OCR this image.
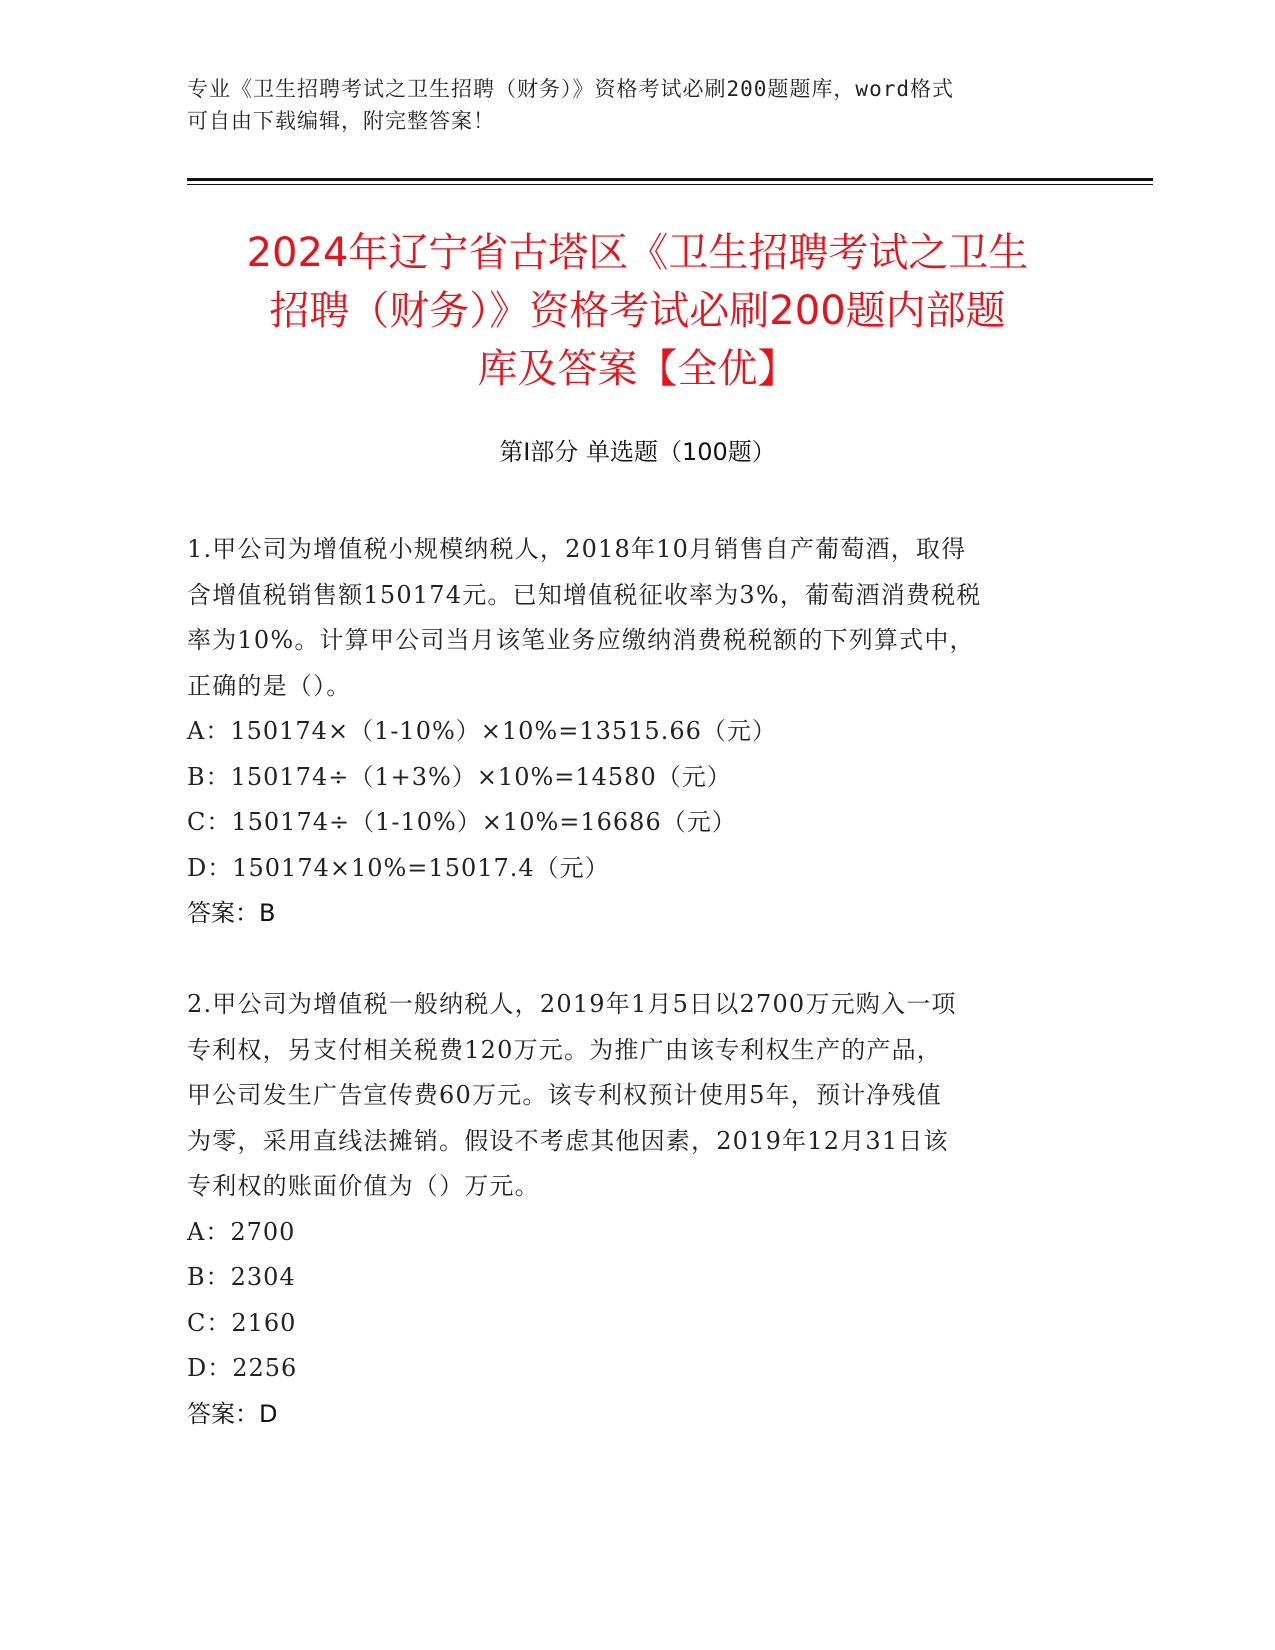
专业《卫生招聘考试之卫生招聘（财务）》资格考试必刷200题题库，word格式
可自由下载编辑，附完整答案！
2024年辽宁省古塔区《卫生招聘考试之卫生
招聘（财务）》资格考试必刷200题内部题
库及答案【全优】
第Ⅰ部分 单选题（100题）
1.甲公司为增值税小规模纳税人，2018年10月销售自产葡萄酒，取得
含增值税销售额150174元。已知增值税征收率为3%，葡萄酒消费税税
率为10%。计算甲公司当月该笔业务应缴纳消费税税额的下列算式中，
正确的是（）。
A：150174×（1-10%）×10%=13515.66（元）
B：150174÷（1+3%）×10%=14580（元）
C：150174÷（1-10%）×10%=16686（元）
D：150174×10%=15017.4（元）
答案：B
2.甲公司为增值税一般纳税人，2019年1月5日以2700万元购入一项
专利权，另支付相关税费120万元。为推广由该专利权生产的产品，
甲公司发生广告宣传费60万元。该专利权预计使用5年，预计净残值
为零，采用直线法摊销。假设不考虑其他因素，2019年12月31日该
专利权的账面价值为（）万元。
A：2700
B：2304
C：2160
D：2256
答案：D
